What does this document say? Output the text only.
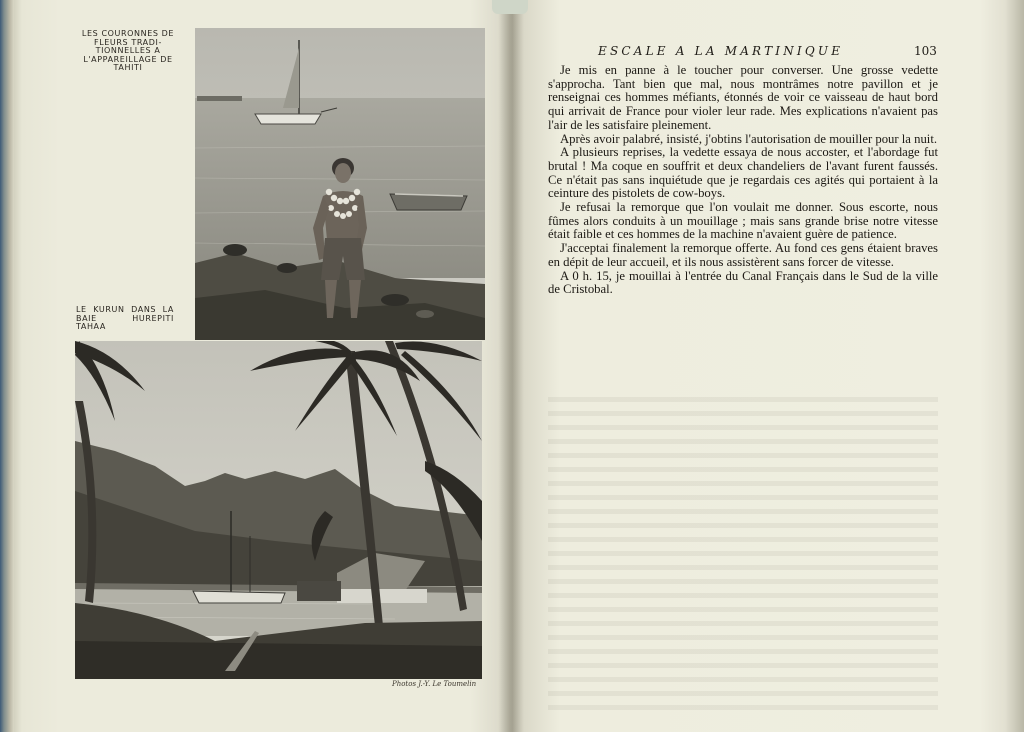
LES COURONNES DE FLEURS TRADI-TIONNELLES A L'APPAREILLAGE DE TAHITI
LE KURUN DANS LA BAIE HUREPITI TAHAA
Photos J.-Y. Le Toumelin
ESCALE A LA MARTINIQUE	103

Je mis en panne à le toucher pour converser. Une grosse vedette s'approcha. Tant bien que mal, nous montrâmes notre pavillon et je renseignai ces hommes méfiants, étonnés de voir ce vaisseau de haut bord qui arrivait de France pour violer leur rade. Mes explications n'avaient pas l'air de les satisfaire pleinement.

Après avoir palabré, insisté, j'obtins l'autorisation de mouiller pour la nuit.

A plusieurs reprises, la vedette essaya de nous accoster, et l'abordage fut brutal ! Ma coque en souffrit et deux chandeliers de l'avant furent faussés. Ce n'était pas sans inquiétude que je regardais ces agités qui portaient à la ceinture des pistolets de cow-boys.

Je refusai la remorque que l'on voulait me donner. Sous escorte, nous fûmes alors conduits à un mouillage ; mais sans grande brise notre vitesse était faible et ces hommes de la machine n'avaient guère de patience.

J'acceptai finalement la remorque offerte. Au fond ces gens étaient braves en dépit de leur accueil, et ils nous assistèrent sans forcer de vitesse.

A 0 h. 15, je mouillai à l'entrée du Canal Français dans le Sud de la ville de Cristobal.
